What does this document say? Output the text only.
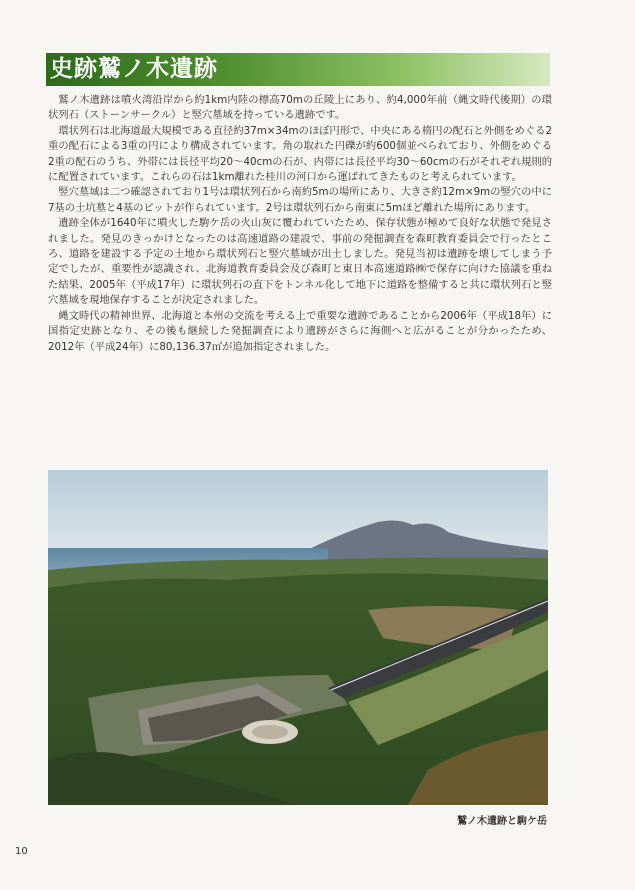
史跡鷲ノ木遺跡

鷲ノ木遺跡は噴火湾沿岸から約1km内陸の標高70mの丘陵上にあり、約4,000年前（縄文時代後期）の環状列石（ストーンサークル）と竪穴墓域を持っている遺跡です。

環状列石は北海道最大規模である直径約37m×34mのほぼ円形で、中央にある楕円の配石と外側をめぐる2重の配石による3重の円により構成されています。角の取れた円礫が約600個並べられており、外側をめぐる2重の配石のうち、外帯には長径平均20〜40cmの石が、内帯には長径平均30〜60cmの石がそれぞれ規則的に配置されています。これらの石は1km離れた桂川の河口から運ばれてきたものと考えられています。

竪穴墓域は二つ確認されており1号は環状列石から南約5mの場所にあり、大きさ約12m×9mの竪穴の中に7基の土坑墓と4基のピットが作られています。2号は環状列石から南東に5mほど離れた場所にあります。

遺跡全体が1640年に噴火した駒ケ岳の火山灰に覆われていたため、保存状態が極めて良好な状態で発見されました。発見のきっかけとなったのは高速道路の建設で、事前の発掘調査を森町教育委員会で行ったところ、道路を建設する予定の土地から環状列石と竪穴墓域が出土しました。発見当初は遺跡を壊してしまう予定でしたが、重要性が認識され、北海道教育委員会及び森町と東日本高速道路㈱で保存に向けた協議を重ねた結果、2005年（平成17年）に環状列石の直下をトンネル化して地下に道路を整備すると共に環状列石と竪穴墓域を現地保存することが決定されました。

縄文時代の精神世界、北海道と本州の交流を考える上で重要な遺跡であることから2006年（平成18年）に国指定史跡となり、その後も継続した発掘調査により遺跡がさらに海側へと広がることが分かったため、2012年（平成24年）に80,136.37㎡が追加指定されました。

鷲ノ木遺跡と駒ケ岳
10
